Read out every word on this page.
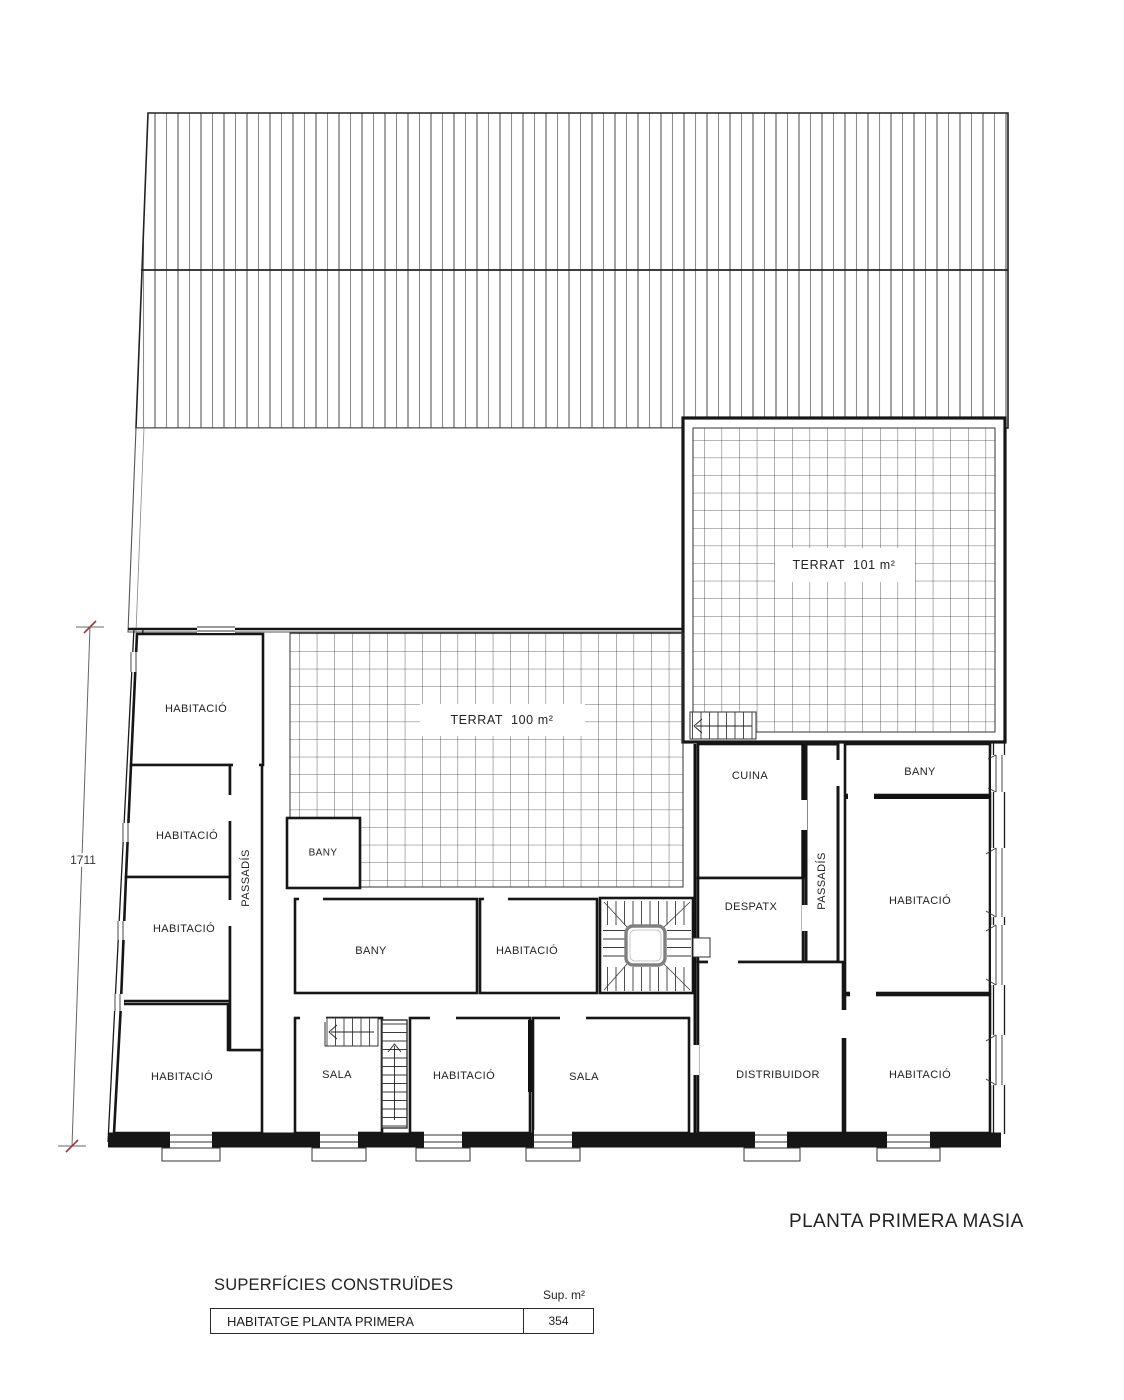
TERRAT  101 m²
TERRAT  100 m²
HABITACIÓ
HABITACIÓ
HABITACIÓ
HABITACIÓ
PASSADÍS	BANY
BANY	HABITACIÓ
SALA	HABITACIÓ	SALA
CUINA
DESPATX	PASSADÍS
BANY
HABITACIÓ
DISTRIBUIDOR	HABITACIÓ
1711
PLANTA PRIMERA MASIA
SUPERFÍCIES CONSTRUÏDES
Sup. m²
HABITATGE PLANTA PRIMERA	354
